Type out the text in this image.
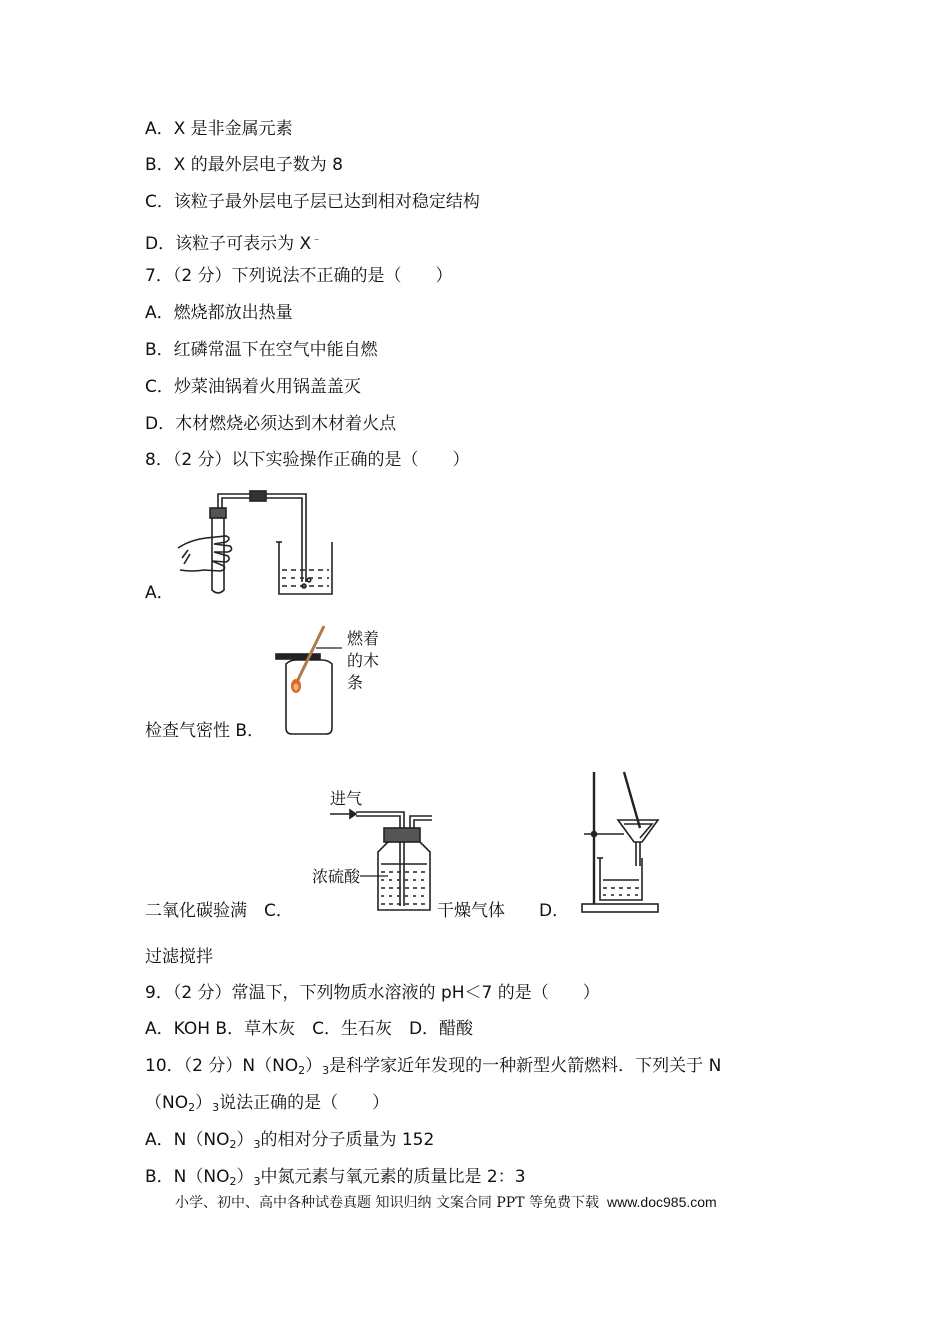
A．X 是非金属元素
B．X 的最外层电子数为 8
C．该粒子最外层电子层已达到相对稳定结构
D．该粒子可表示为 X﹣
7．（2 分）下列说法不正确的是（　　）
A．燃烧都放出热量
B．红磷常温下在空气中能自燃
C．炒菜油锅着火用锅盖盖灭
D．木材燃烧必须达到木材着火点
8．（2 分）以下实验操作正确的是（　　）
A．
燃着
的木
条
检查气密性 B．
进气
浓硫酸
二氧化碳验满　C．	干燥气体　　D．
过滤搅拌
9．（2 分）常温下，下列物质水溶液的 pH＜7 的是（　　）
A．KOH B．草木灰　C．生石灰　D．醋酸
10．（2 分）$N(NO_2)_3$是科学家近年发现的一种新型火箭燃料．下列关于 N
$(NO_2)_3$说法正确的是（　　）
A．$N(NO_2)_3$的相对分子质量为 152
B．$N(NO_2)_3$中氮元素与氧元素的质量比是 2：3
小学、初中、高中各种试卷真题 知识归纳 文案合同 PPT 等免费下载 www.doc985.com
